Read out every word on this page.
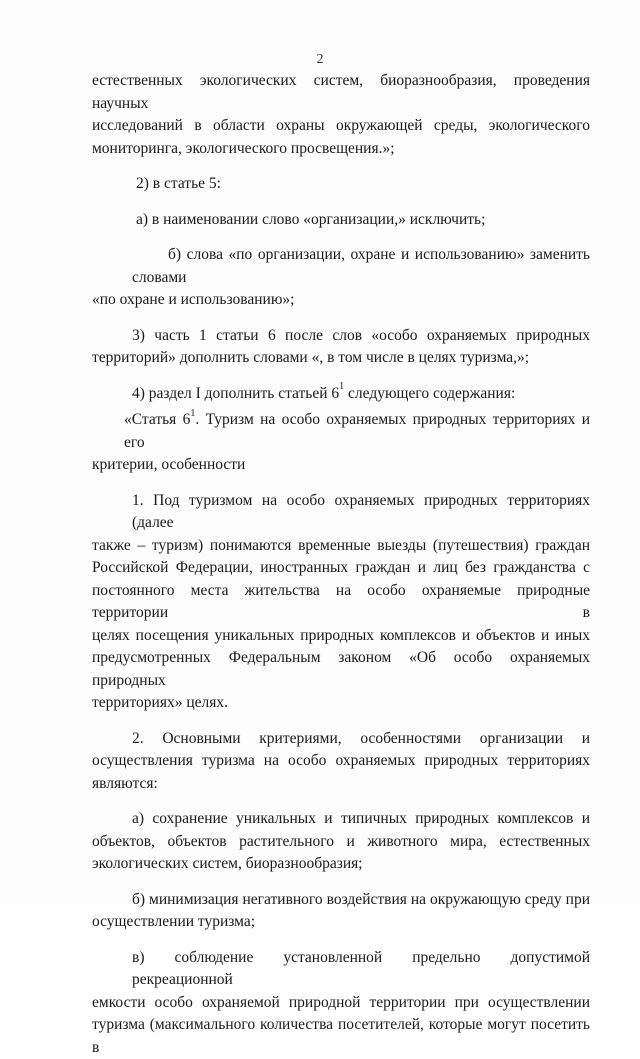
2

естественных экологических систем, биоразнообразия, проведения научных
исследований в области охраны окружающей среды, экологического
мониторинга, экологического просвещения.»;

2) в статье 5:

а) в наименовании слово «организации,» исключить;

б) слова «по организации, охране и использованию» заменить словами
«по охране и использованию»;

3) часть 1 статьи 6 после слов «особо охраняемых природных
территорий» дополнить словами «, в том числе в целях туризма,»;

4) раздел I дополнить статьей $6^1$ следующего содержания:

«Статья $6^1$. Туризм на особо охраняемых природных территориях и его
критерии, особенности

1. Под туризмом на особо охраняемых природных территориях (далее
также – туризм) понимаются временные выезды (путешествия) граждан
Российской Федерации, иностранных граждан и лиц без гражданства с
постоянного места жительства на особо охраняемые природные территории в
целях посещения уникальных природных комплексов и объектов и иных
предусмотренных Федеральным законом «Об особо охраняемых природных
территориях» целях.

2. Основными критериями, особенностями организации и
осуществления туризма на особо охраняемых природных территориях
являются:

а) сохранение уникальных и типичных природных комплексов и
объектов, объектов растительного и животного мира, естественных
экологических систем, биоразнообразия;

б) минимизация негативного воздействия на окружающую среду при
осуществлении туризма;

в) соблюдение установленной предельно допустимой рекреационной
емкости особо охраняемой природной территории при осуществлении
туризма (максимального количества посетителей, которые могут посетить в
